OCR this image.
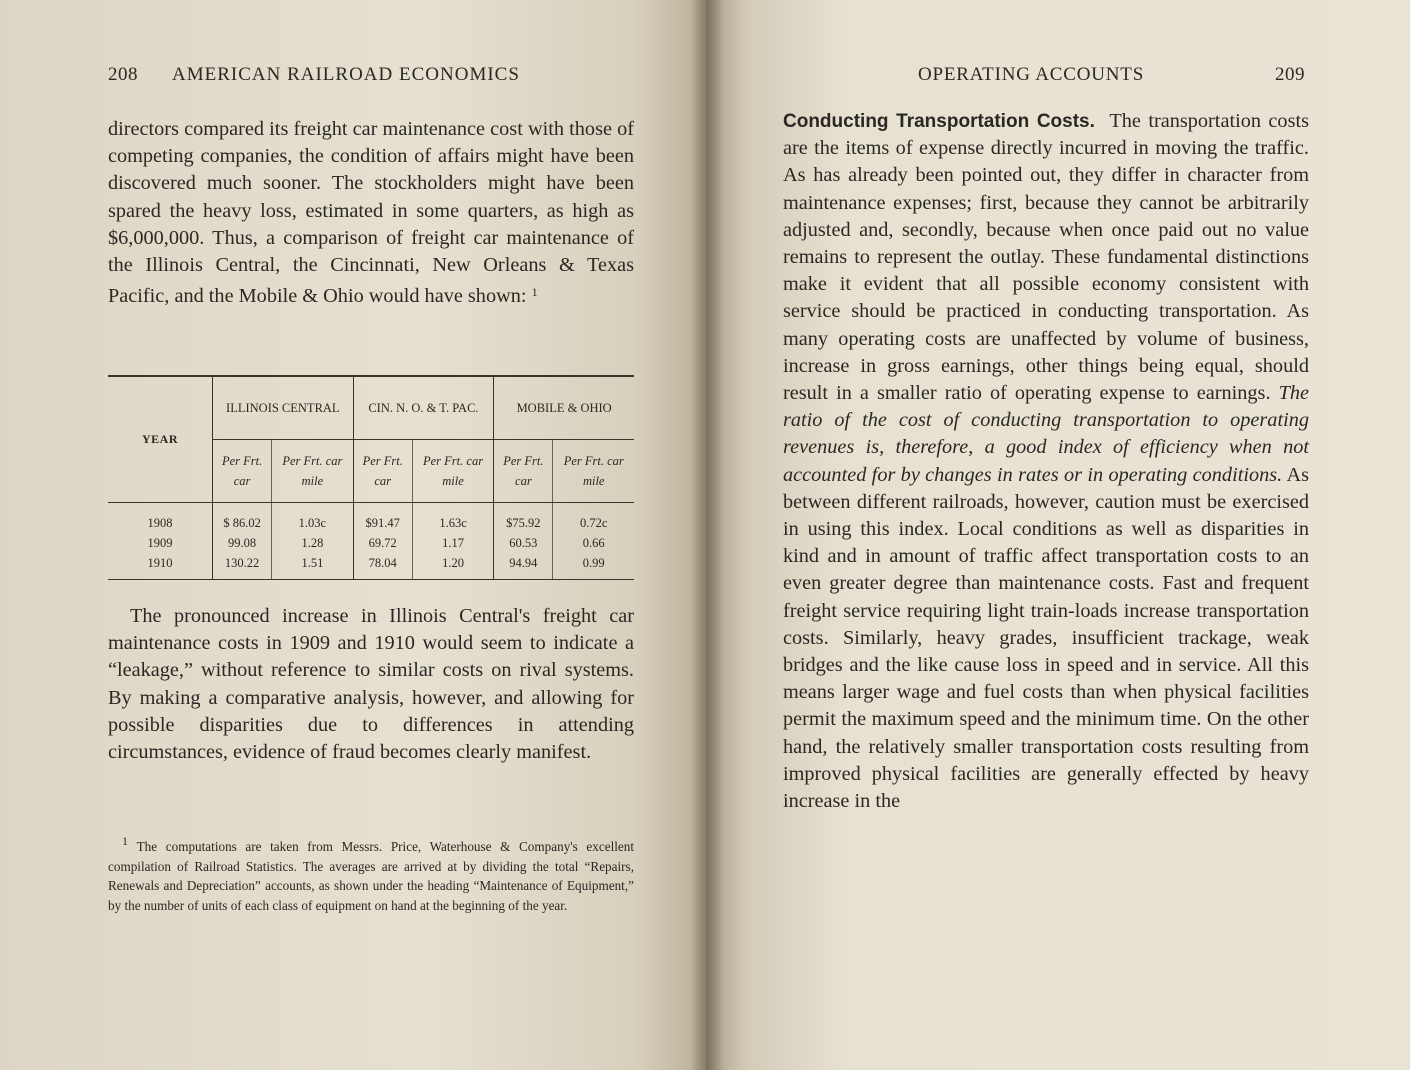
208 AMERICAN RAILROAD ECONOMICS

directors compared its freight car maintenance cost with those of competing companies, the condition of affairs might have been discovered much sooner. The stockholders might have been spared the heavy loss, estimated in some quarters, as high as $6,000,000. Thus, a comparison of freight car maintenance of the Illinois Central, the Cincinnati, New Orleans & Texas Pacific, and the Mobile & Ohio would have shown: $^1$

YEAR	ILLINOIS CENTRAL		CIN. N. O. & T. PAC.		MOBILE & OHIO	
	Per Frt. car	Per Frt. car mile	Per Frt. car	Per Frt. car mile	Per Frt. car	Per Frt. car mile
1908	$ 86.02	1.03c	$91.47	1.63c	$75.92	0.72c
1909	99.08	1.28	69.72	1.17	60.53	0.66
1910	130.22	1.51	78.04	1.20	94.94	0.99

The pronounced increase in Illinois Central's freight car maintenance costs in 1909 and 1910 would seem to indicate a “leakage,” without reference to similar costs on rival systems. By making a comparative analysis, however, and allowing for possible disparities due to differences in attending circumstances, evidence of fraud becomes clearly manifest.

$^1$ The computations are taken from Messrs. Price, Waterhouse & Company's excellent compilation of Railroad Statistics. The averages are arrived at by dividing the total “Repairs, Renewals and Depreciation” accounts, as shown under the heading “Maintenance of Equipment,” by the number of units of each class of equipment on hand at the beginning of the year.

OPERATING ACCOUNTS	209

Conducting Transportation Costs. The transportation costs are the items of expense directly incurred in moving the traffic. As has already been pointed out, they differ in character from maintenance expenses; first, because they cannot be arbitrarily adjusted and, secondly, because when once paid out no value remains to represent the outlay. These fundamental distinctions make it evident that all possible economy consistent with service should be practiced in conducting transportation. As many operating costs are unaffected by volume of business, increase in gross earnings, other things being equal, should result in a smaller ratio of operating expense to earnings. The ratio of the cost of conducting transportation to operating revenues is, therefore, a good index of efficiency when not accounted for by changes in rates or in operating conditions. As between different railroads, however, caution must be exercised in using this index. Local conditions as well as disparities in kind and in amount of traffic affect transportation costs to an even greater degree than maintenance costs. Fast and frequent freight service requiring light train-loads increase transportation costs. Similarly, heavy grades, insufficient trackage, weak bridges and the like cause loss in speed and in service. All this means larger wage and fuel costs than when physical facilities permit the maximum speed and the minimum time. On the other hand, the relatively smaller transportation costs resulting from improved physical facilities are generally effected by heavy increase in the
